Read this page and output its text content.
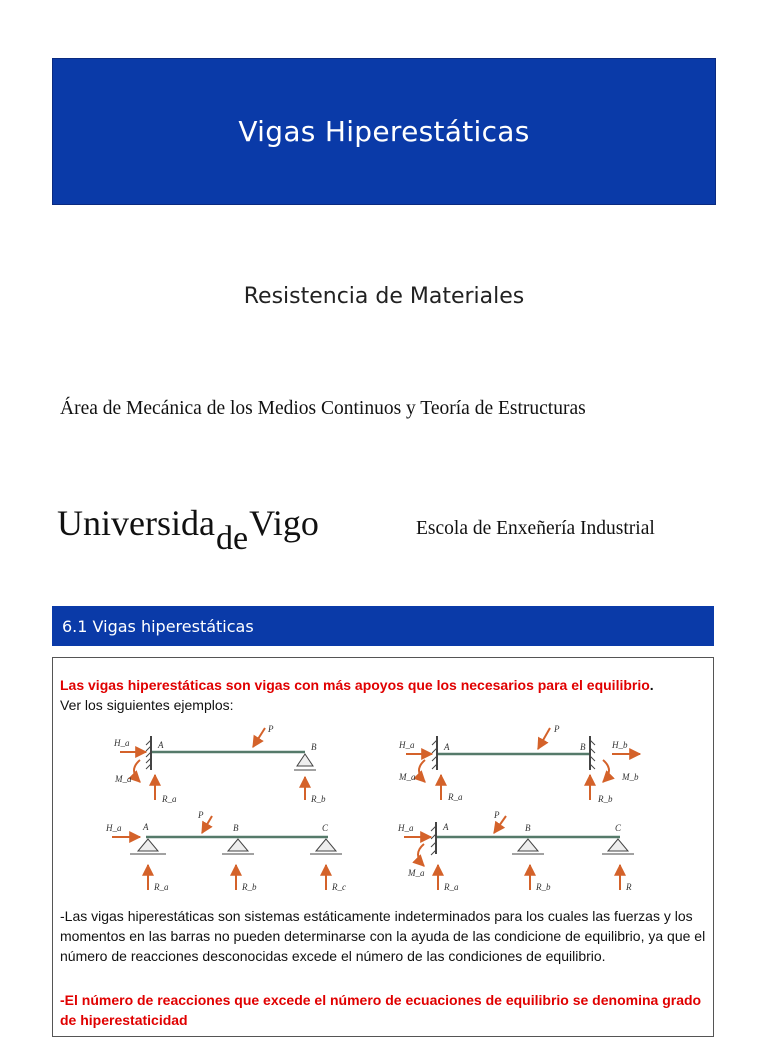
Vigas Hiperestáticas
Resistencia de Materiales
Área de Mecánica de los Medios Continuos y Teoría de Estructuras
UniversidadeVigo	Escola de Enxeñería Industrial
6.1 Vigas hiperestáticas
Las vigas hiperestáticas son vigas con más apoyos que los necesarios para el equilibrio.
Ver los siguientes ejemplos:
H_a	A
P
B
M_a
R_a	R_b
H_a	A
P
B	H_b
M_a	M_b
R_a	R_b
H_a A
P
B	C
R_a	R_b	R_c
H_a	A
P
B	C
M_a
R_a	R_b	R
-Las vigas hiperestáticas son sistemas estáticamente indeterminados para los cuales las fuerzas y los momentos en las barras no pueden determinarse con la ayuda de las condicione de equilibrio, ya que el número de reacciones desconocidas excede el número de las condiciones de equilibrio.
-El número de reacciones que excede el número de ecuaciones de equilibrio se denomina grado de hiperestaticidad
